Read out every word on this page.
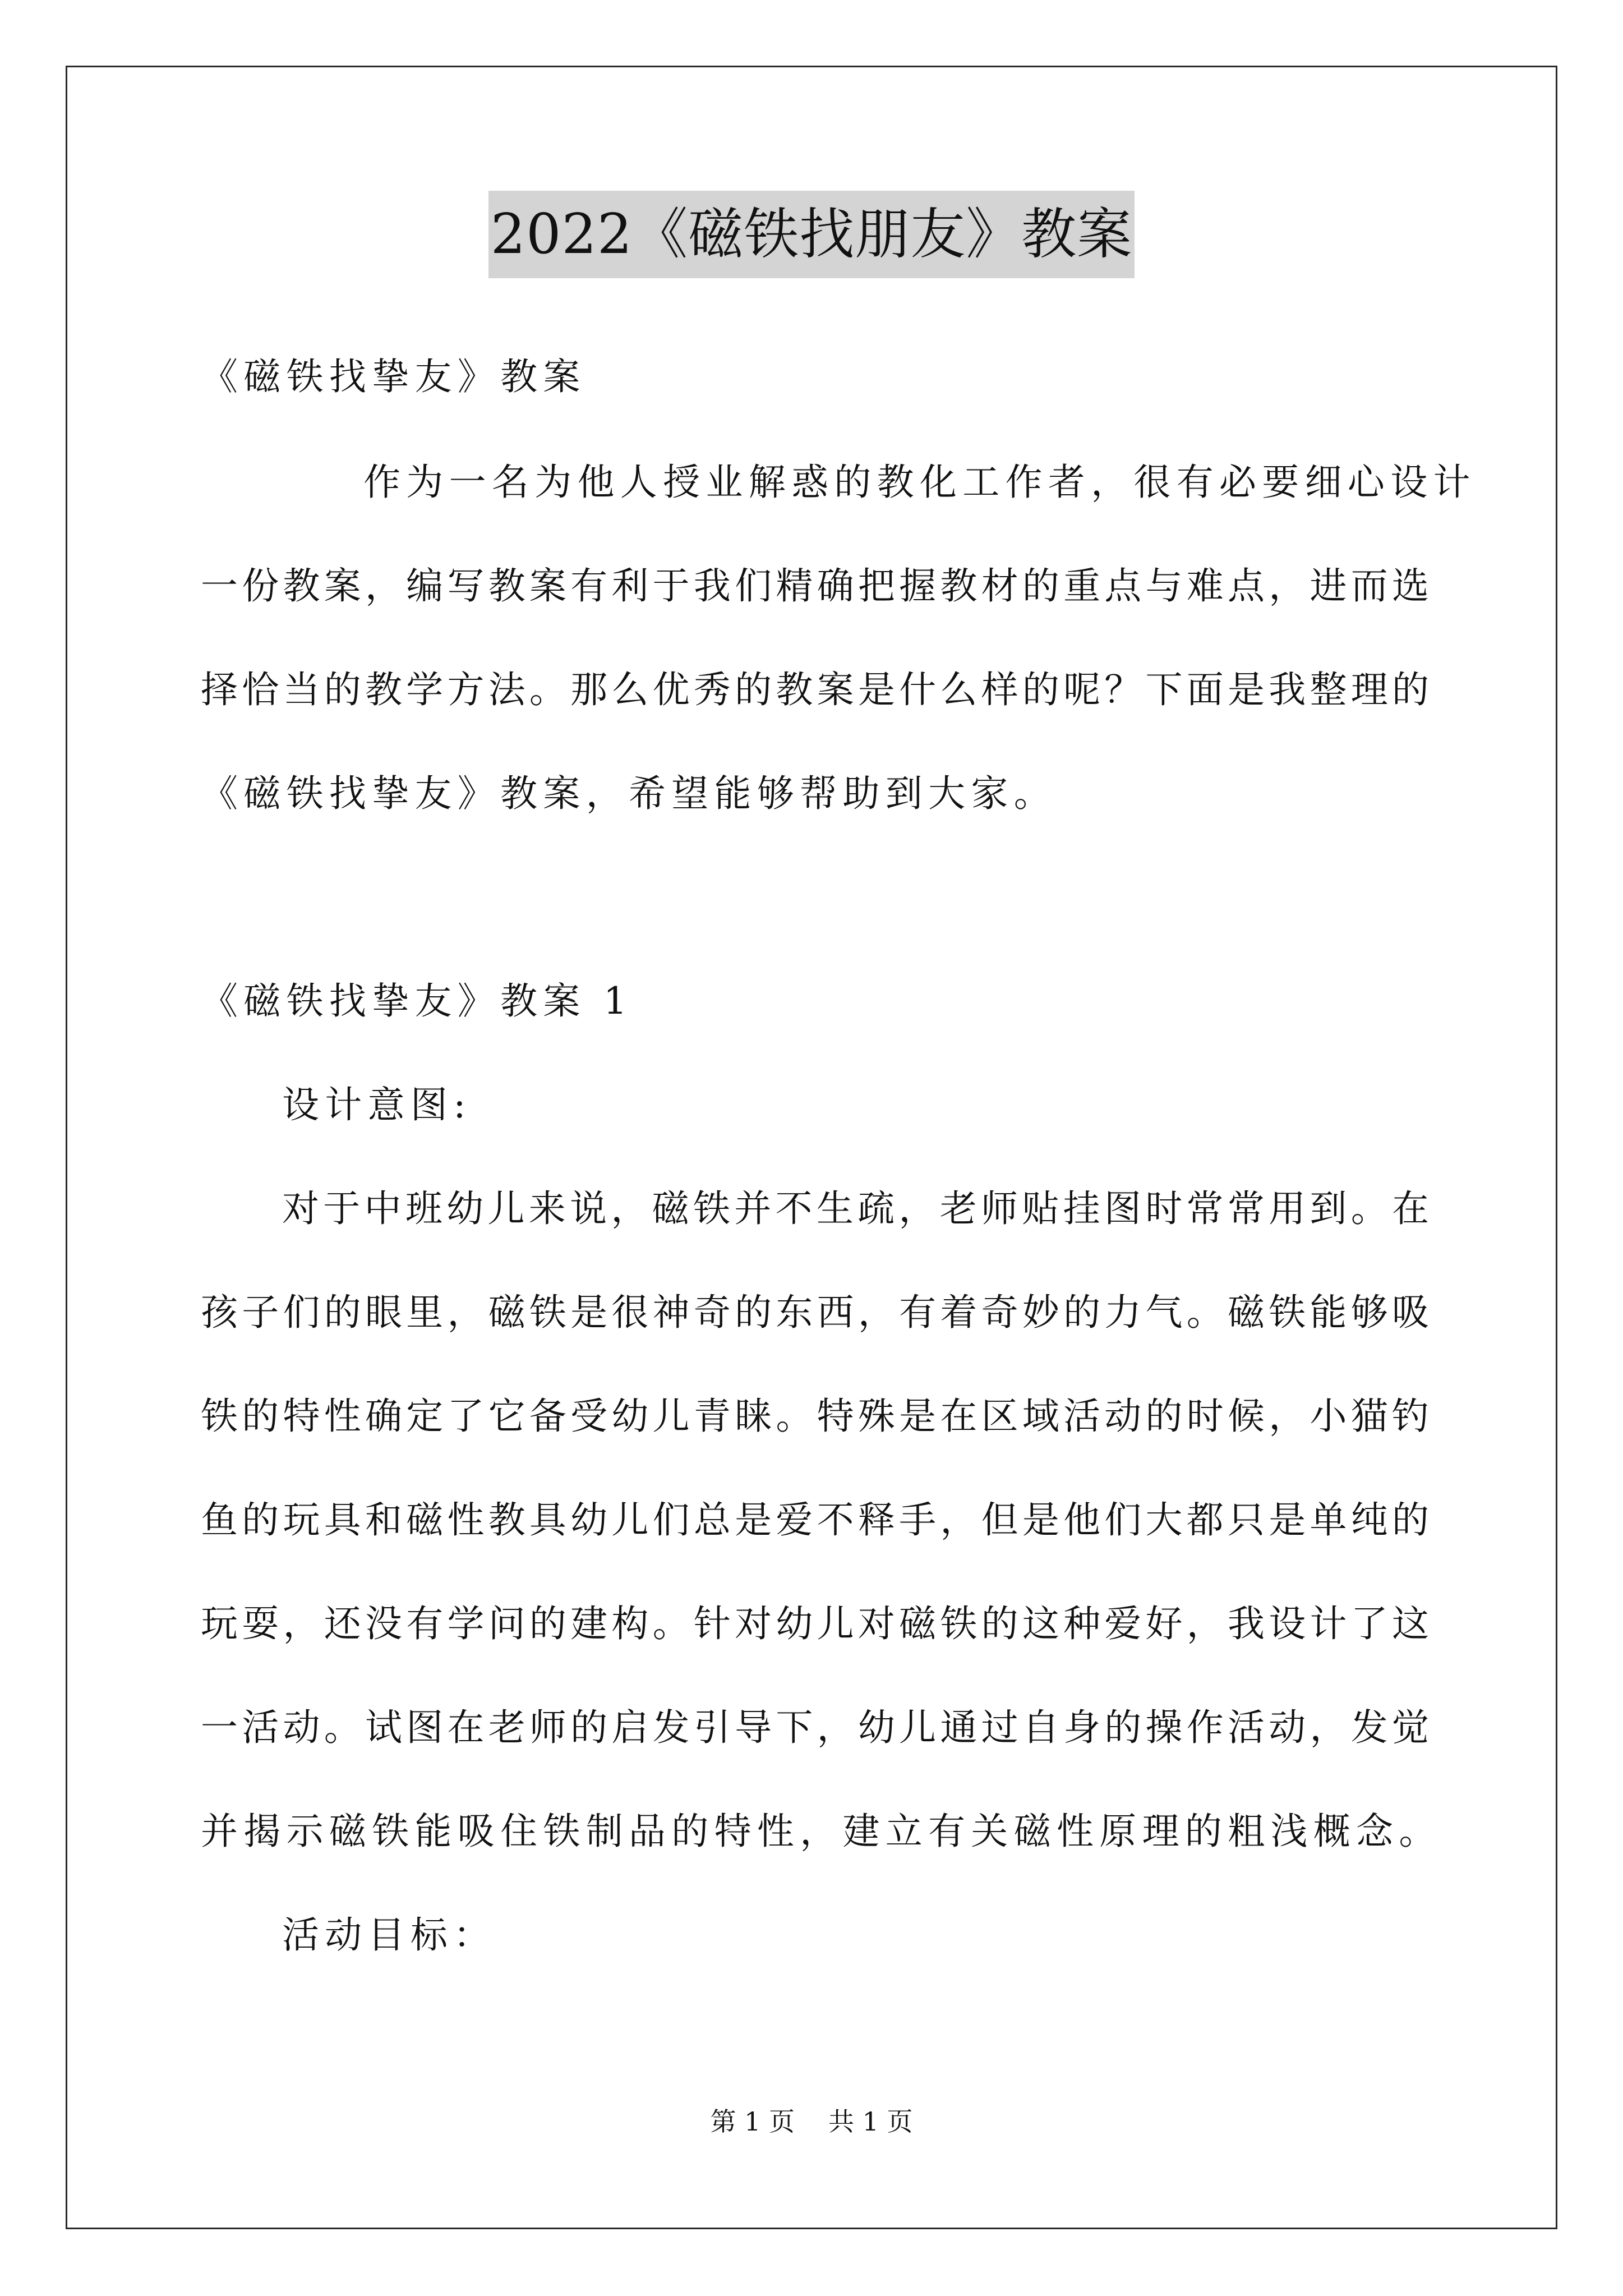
2022《磁铁找朋友》教案
《磁铁找挚友》教案
作为一名为他人授业解惑的教化工作者，很有必要细心设计
一份教案，编写教案有利于我们精确把握教材的重点与难点，进而选
择恰当的教学方法。那么优秀的教案是什么样的呢？下面是我整理的
《磁铁找挚友》教案，希望能够帮助到大家。
《磁铁找挚友》教案 1
设计意图:
对于中班幼儿来说，磁铁并不生疏，老师贴挂图时常常用到。在
孩子们的眼里，磁铁是很神奇的东西，有着奇妙的力气。磁铁能够吸
铁的特性确定了它备受幼儿青睐。特殊是在区域活动的时候，小猫钓
鱼的玩具和磁性教具幼儿们总是爱不释手，但是他们大都只是单纯的
玩耍，还没有学问的建构。针对幼儿对磁铁的这种爱好，我设计了这
一活动。试图在老师的启发引导下，幼儿通过自身的操作活动，发觉
并揭示磁铁能吸住铁制品的特性，建立有关磁性原理的粗浅概念。
活动目标：
第 1 页 共 1 页
